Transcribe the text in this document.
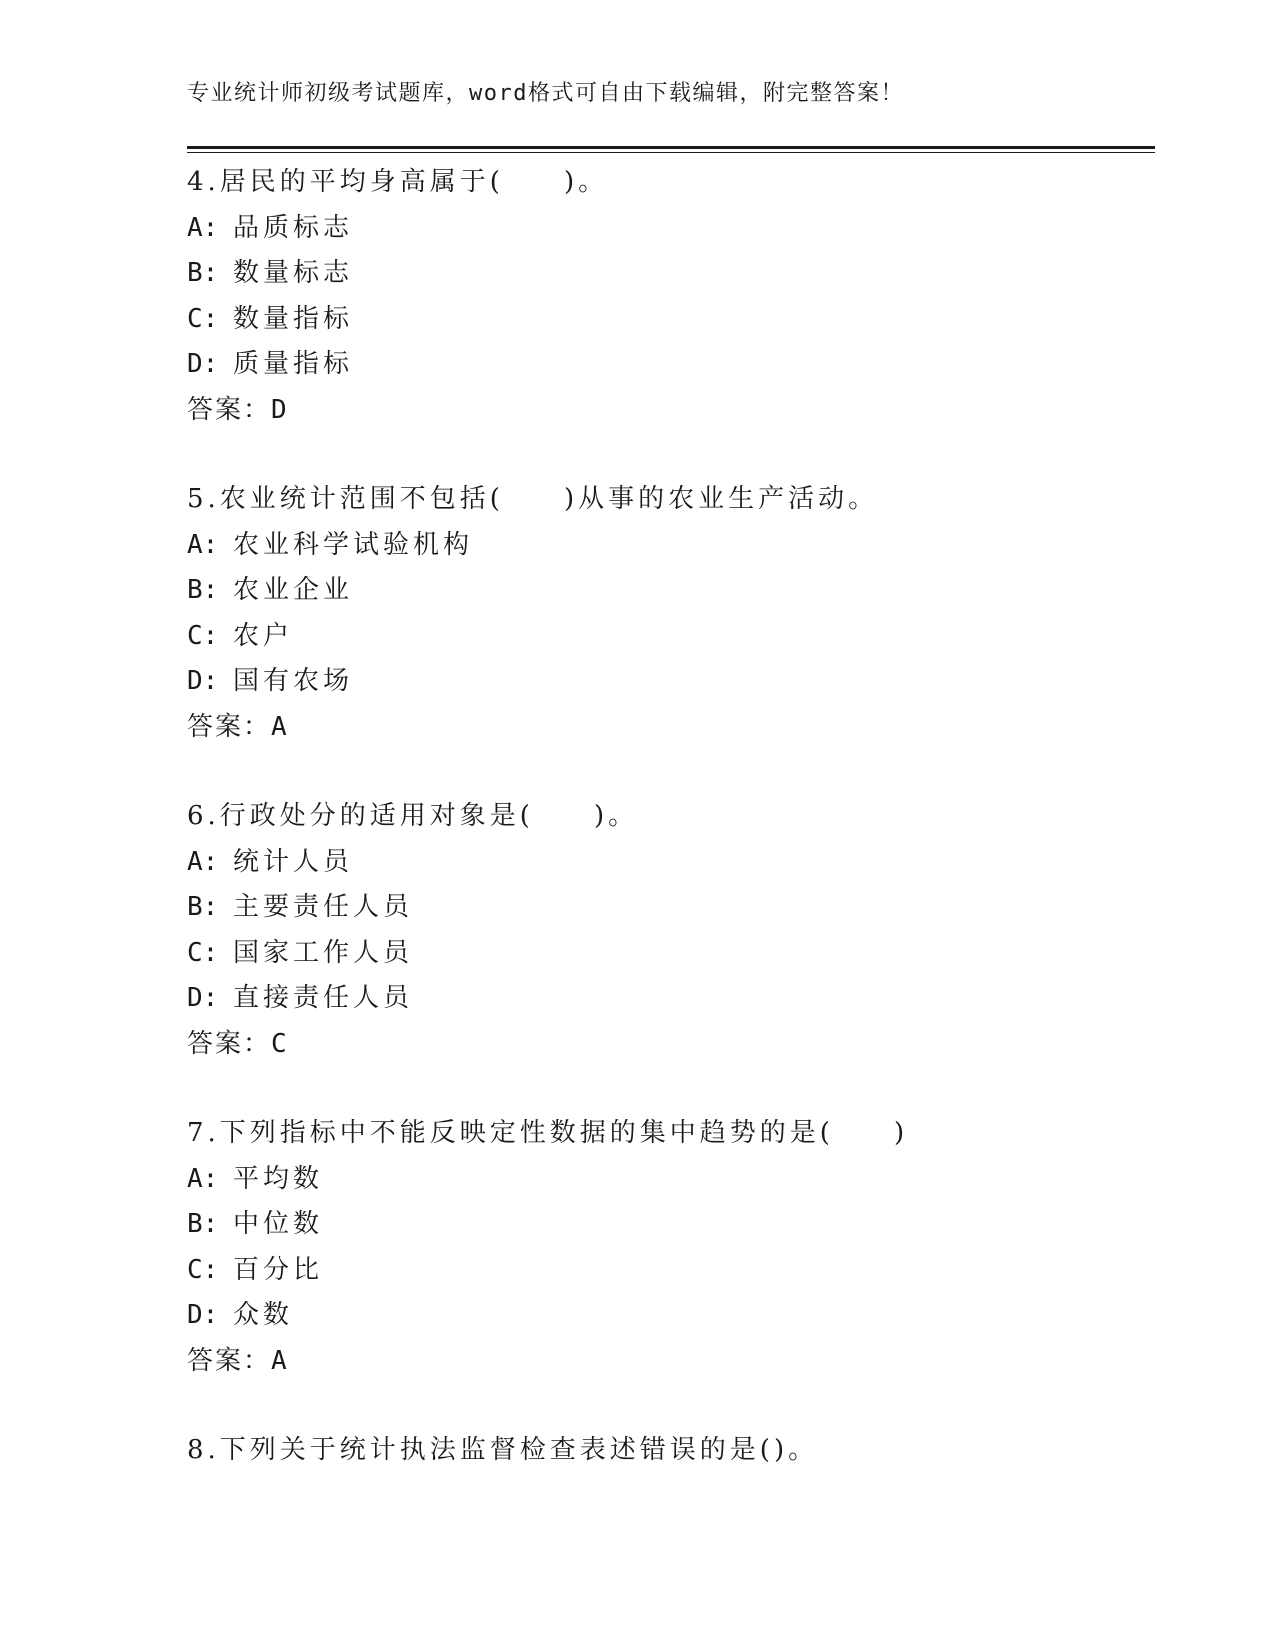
专业统计师初级考试题库，word格式可自由下载编辑，附完整答案！
4.居民的平均身高属于(　　)。
A: 品质标志
B: 数量标志
C: 数量指标
D: 质量指标
答案：D
5.农业统计范围不包括(　　)从事的农业生产活动。
A: 农业科学试验机构
B: 农业企业
C: 农户
D: 国有农场
答案：A
6.行政处分的适用对象是(　　)。
A: 统计人员
B: 主要责任人员
C: 国家工作人员
D: 直接责任人员
答案：C
7.下列指标中不能反映定性数据的集中趋势的是(　　)
A: 平均数
B: 中位数
C: 百分比
D: 众数
答案：A
8.下列关于统计执法监督检查表述错误的是()。
